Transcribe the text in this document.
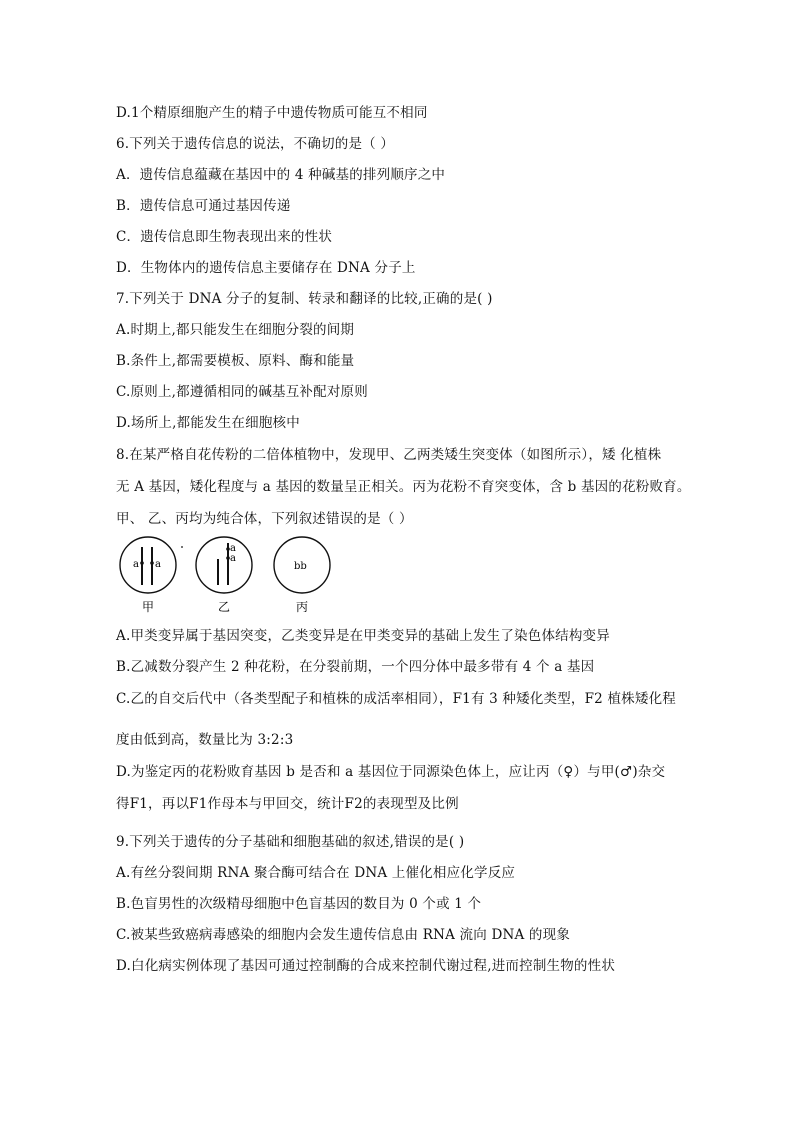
D.1个精原细胞产生的精子中遗传物质可能互不相同
6.下列关于遗传信息的说法，不确切的是（ ）
A．遗传信息蕴藏在基因中的 4 种碱基的排列顺序之中
B．遗传信息可通过基因传递
C．遗传信息即生物表现出来的性状
D．生物体内的遗传信息主要储存在 DNA 分子上
7.下列关于 DNA 分子的复制、转录和翻译的比较,正确的是( )
A.时期上,都只能发生在细胞分裂的间期
B.条件上,都需要模板、原料、酶和能量
C.原则上,都遵循相同的碱基互补配对原则
D.场所上,都能发生在细胞核中
8.在某严格自花传粉的二倍体植物中，发现甲、乙两类矮生突变体（如图所示），矮 化植株
无 A 基因，矮化程度与 a 基因的数量呈正相关。丙为花粉不育突变体，含 b 基因的花粉败育。
甲、 乙、丙均为纯合体，下列叙述错误的是（ ）
a a
a
a
bb
甲	乙	丙
A.甲类变异属于基因突变，乙类变异是在甲类变异的基础上发生了染色体结构变异
B.乙减数分裂产生 2 种花粉，在分裂前期，一个四分体中最多带有 4 个 a 基因
C.乙的自交后代中（各类型配子和植株的成活率相同），F1有 3 种矮化类型，F2 植株矮化程
度由低到高，数量比为 3:2:3
D.为鉴定丙的花粉败育基因 b 是否和 a 基因位于同源染色体上，应让丙（♀）与甲(♂)杂交
得F1，再以F1作母本与甲回交，统计F2的表现型及比例
9.下列关于遗传的分子基础和细胞基础的叙述,错误的是( )
A.有丝分裂间期 RNA 聚合酶可结合在 DNA 上催化相应化学反应
B.色盲男性的次级精母细胞中色盲基因的数目为 0 个或 1 个
C.被某些致癌病毒感染的细胞内会发生遗传信息由 RNA 流向 DNA 的现象
D.白化病实例体现了基因可通过控制酶的合成来控制代谢过程,进而控制生物的性状
